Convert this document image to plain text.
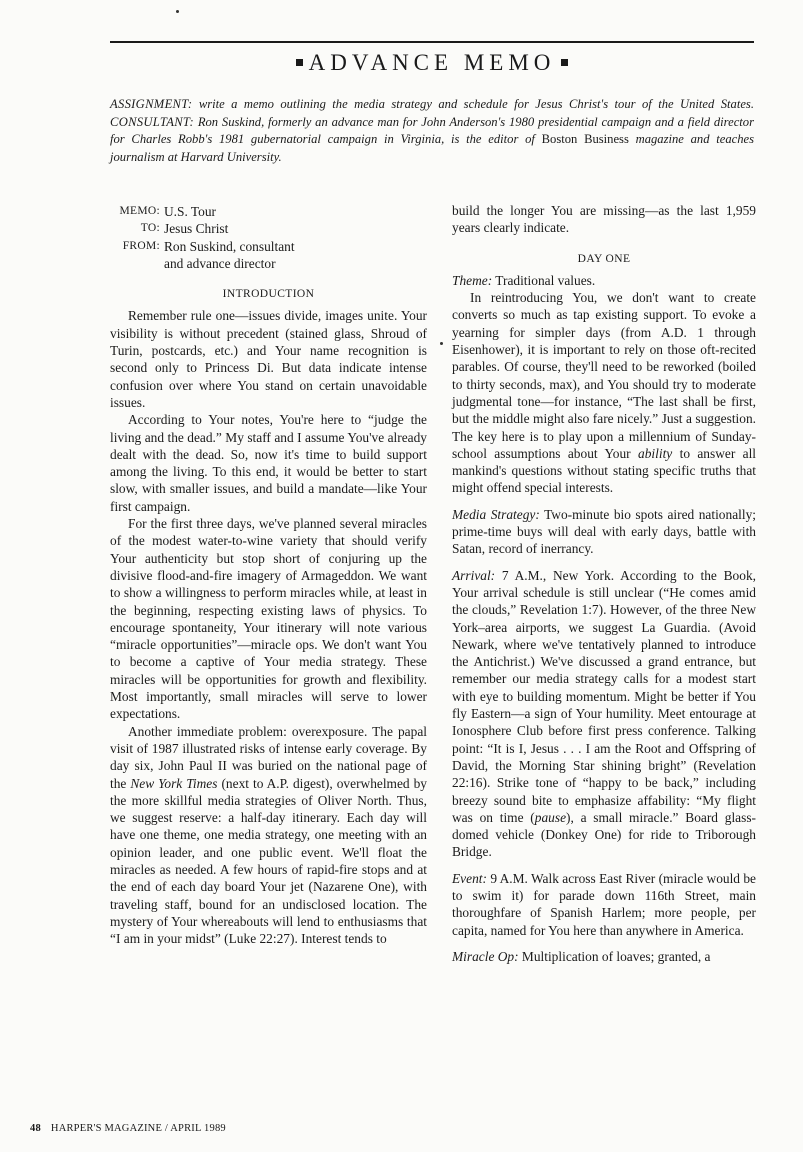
ADVANCE MEMO
ASSIGNMENT: write a memo outlining the media strategy and schedule for Jesus Christ's tour of the United States. CONSULTANT: Ron Suskind, formerly an advance man for John Anderson's 1980 presidential campaign and a field director for Charles Robb's 1981 gubernatorial campaign in Virginia, is the editor of Boston Business magazine and teaches journalism at Harvard University.
MEMO: U.S. Tour
TO: Jesus Christ
FROM: Ron Suskind, consultant
and advance director
INTRODUCTION

Remember rule one—issues divide, images unite. Your visibility is without precedent (stained glass, Shroud of Turin, postcards, etc.) and Your name recognition is second only to Princess Di. But data indicate intense confusion over where You stand on certain unavoidable issues.

According to Your notes, You're here to “judge the living and the dead.” My staff and I assume You've already dealt with the dead. So, now it's time to build support among the living. To this end, it would be better to start slow, with smaller issues, and build a mandate—like Your first campaign.

For the first three days, we've planned several miracles of the modest water-to-wine variety that should verify Your authenticity but stop short of conjuring up the divisive flood-and-fire imagery of Armageddon. We want to show a willingness to perform miracles while, at least in the beginning, respecting existing laws of physics. To encourage spontaneity, Your itinerary will note various “miracle opportunities”—miracle ops. We don't want You to become a captive of Your media strategy. These miracles will be opportunities for growth and flexibility. Most importantly, small miracles will serve to lower expectations.

Another immediate problem: overexposure. The papal visit of 1987 illustrated risks of intense early coverage. By day six, John Paul II was buried on the national page of the New York Times (next to A.P. digest), overwhelmed by the more skillful media strategies of Oliver North. Thus, we suggest reserve: a half-day itinerary. Each day will have one theme, one media strategy, one meeting with an opinion leader, and one public event. We'll float the miracles as needed. A few hours of rapid-fire stops and at the end of each day board Your jet (Nazarene One), with traveling staff, bound for an undisclosed location. The mystery of Your whereabouts will lend to enthusiasms that “I am in your midst” (Luke 22:27). Interest tends to

build the longer You are missing—as the last 1,959 years clearly indicate.

DAY ONE

Theme: Traditional values.

In reintroducing You, we don't want to create converts so much as tap existing support. To evoke a yearning for simpler days (from A.D. 1 through Eisenhower), it is important to rely on those oft-recited parables. Of course, they'll need to be reworked (boiled to thirty seconds, max), and You should try to moderate judgmental tone—for instance, “The last shall be first, but the middle might also fare nicely.” Just a suggestion. The key here is to play upon a millennium of Sunday-school assumptions about Your ability to answer all mankind's questions without stating specific truths that might offend special interests.

Media Strategy: Two-minute bio spots aired nationally; prime-time buys will deal with early days, battle with Satan, record of inerrancy.

Arrival: 7 A.M., New York. According to the Book, Your arrival schedule is still unclear (“He comes amid the clouds,” Revelation 1:7). However, of the three New York–area airports, we suggest La Guardia. (Avoid Newark, where we've tentatively planned to introduce the Antichrist.) We've discussed a grand entrance, but remember our media strategy calls for a modest start with eye to building momentum. Might be better if You fly Eastern—a sign of Your humility. Meet entourage at Ionosphere Club before first press conference. Talking point: “It is I, Jesus . . . I am the Root and Offspring of David, the Morning Star shining bright” (Revelation 22:16). Strike tone of “happy to be back,” including breezy sound bite to emphasize affability: “My flight was on time (pause), a small miracle.” Board glass-domed vehicle (Donkey One) for ride to Triborough Bridge.

Event: 9 A.M. Walk across East River (miracle would be to swim it) for parade down 116th Street, main thoroughfare of Spanish Harlem; more people, per capita, named for You here than anywhere in America.

Miracle Op: Multiplication of loaves; granted, a

48 HARPER'S MAGAZINE / APRIL 1989
